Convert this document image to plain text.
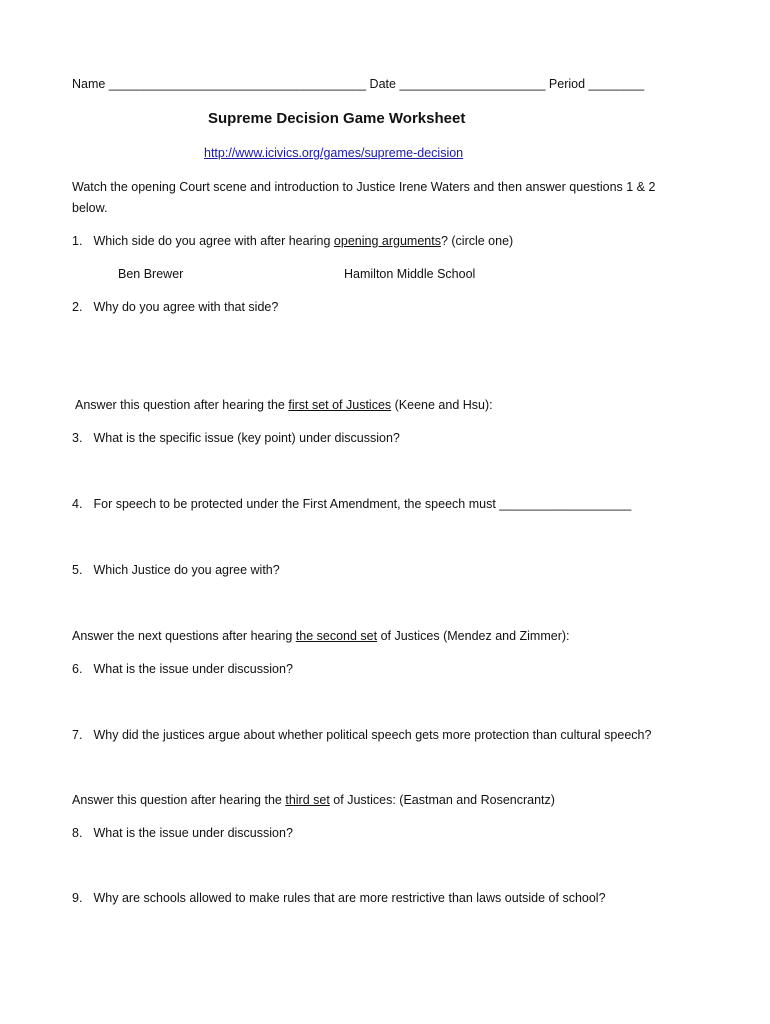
Name _____________________________________ Date _____________________ Period ________
Supreme Decision Game Worksheet
http://www.icivics.org/games/supreme-decision
Watch the opening Court scene and introduction to Justice Irene Waters and then answer questions 1 & 2 below.
1. Which side do you agree with after hearing opening arguments? (circle one)
Ben Brewer	Hamilton Middle School
2. Why do you agree with that side?
Answer this question after hearing the first set of Justices (Keene and Hsu):
3. What is the specific issue (key point) under discussion?
4. For speech to be protected under the First Amendment, the speech must ___________________
5. Which Justice do you agree with?
Answer the next questions after hearing the second set of Justices (Mendez and Zimmer):
6. What is the issue under discussion?
7. Why did the justices argue about whether political speech gets more protection than cultural speech?
Answer this question after hearing the third set of Justices: (Eastman and Rosencrantz)
8. What is the issue under discussion?
9. Why are schools allowed to make rules that are more restrictive than laws outside of school?
